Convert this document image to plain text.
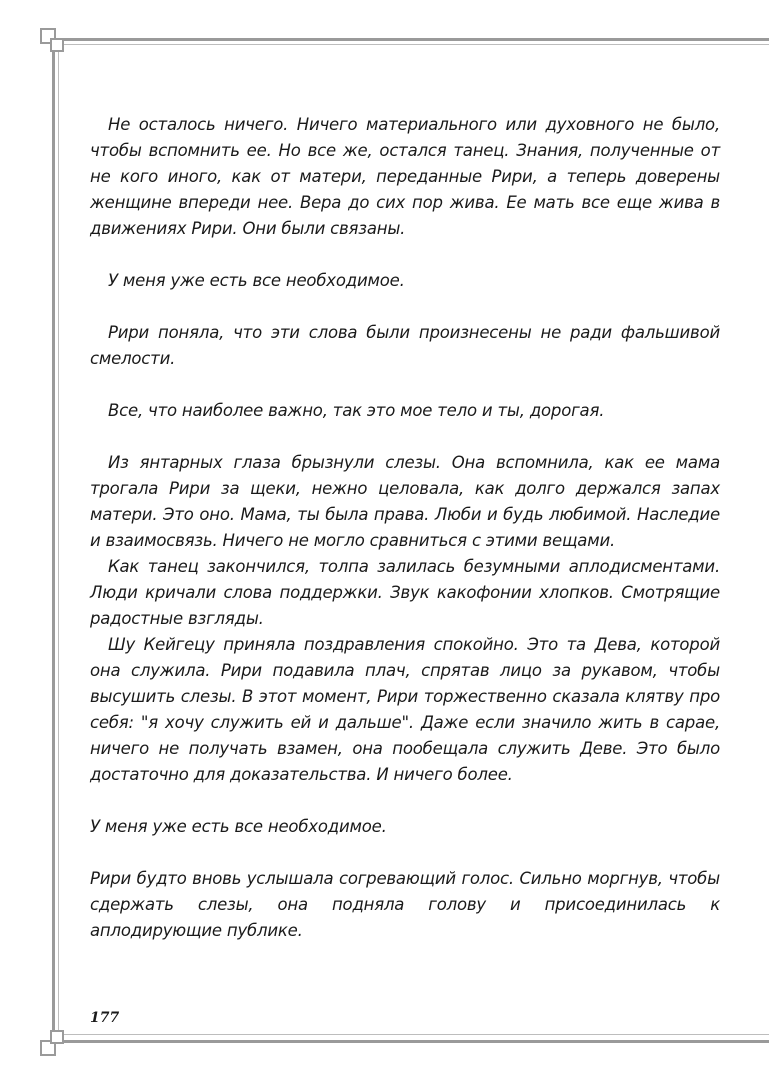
Не осталось ничего. Ничего материального или духовного не было, чтобы вспомнить ее. Но все же, остался танец. Знания, полученные от не кого иного, как от матери, переданные Рири, а теперь доверены женщине впереди нее. Вера до сих пор жива. Ее мать все еще жива в движениях Рири. Они были связаны.

У меня уже есть все необходимое.

Рири поняла, что эти слова были произнесены не ради фальшивой смелости.

Все, что наиболее важно, так это мое тело и ты, дорогая.

Из янтарных глаза брызнули слезы. Она вспомнила, как ее мама трогала Рири за щеки, нежно целовала, как долго держался запах матери. Это оно. Мама, ты была права. Люби и будь любимой. Наследие и взаимосвязь. Ничего не могло сравниться с этими вещами.

Как танец закончился, толпа залилась безумными аплодисментами. Люди кричали слова поддержки. Звук какофонии хлопков. Смотрящие радостные взгляды.

Шу Кейгецу приняла поздравления спокойно. Это та Дева, которой она служила. Рири подавила плач, спрятав лицо за рукавом, чтобы высушить слезы. В этот момент, Рири торжественно сказала клятву про себя: "я хочу служить ей и дальше". Даже если значило жить в сарае, ничего не получать взамен, она пообещала служить Деве. Это было достаточно для доказательства. И ничего более.

У меня уже есть все необходимое.

Рири будто вновь услышала согревающий голос. Сильно моргнув, чтобы сдержать слезы, она подняла голову и присоединилась к аплодирующие публике.

177
